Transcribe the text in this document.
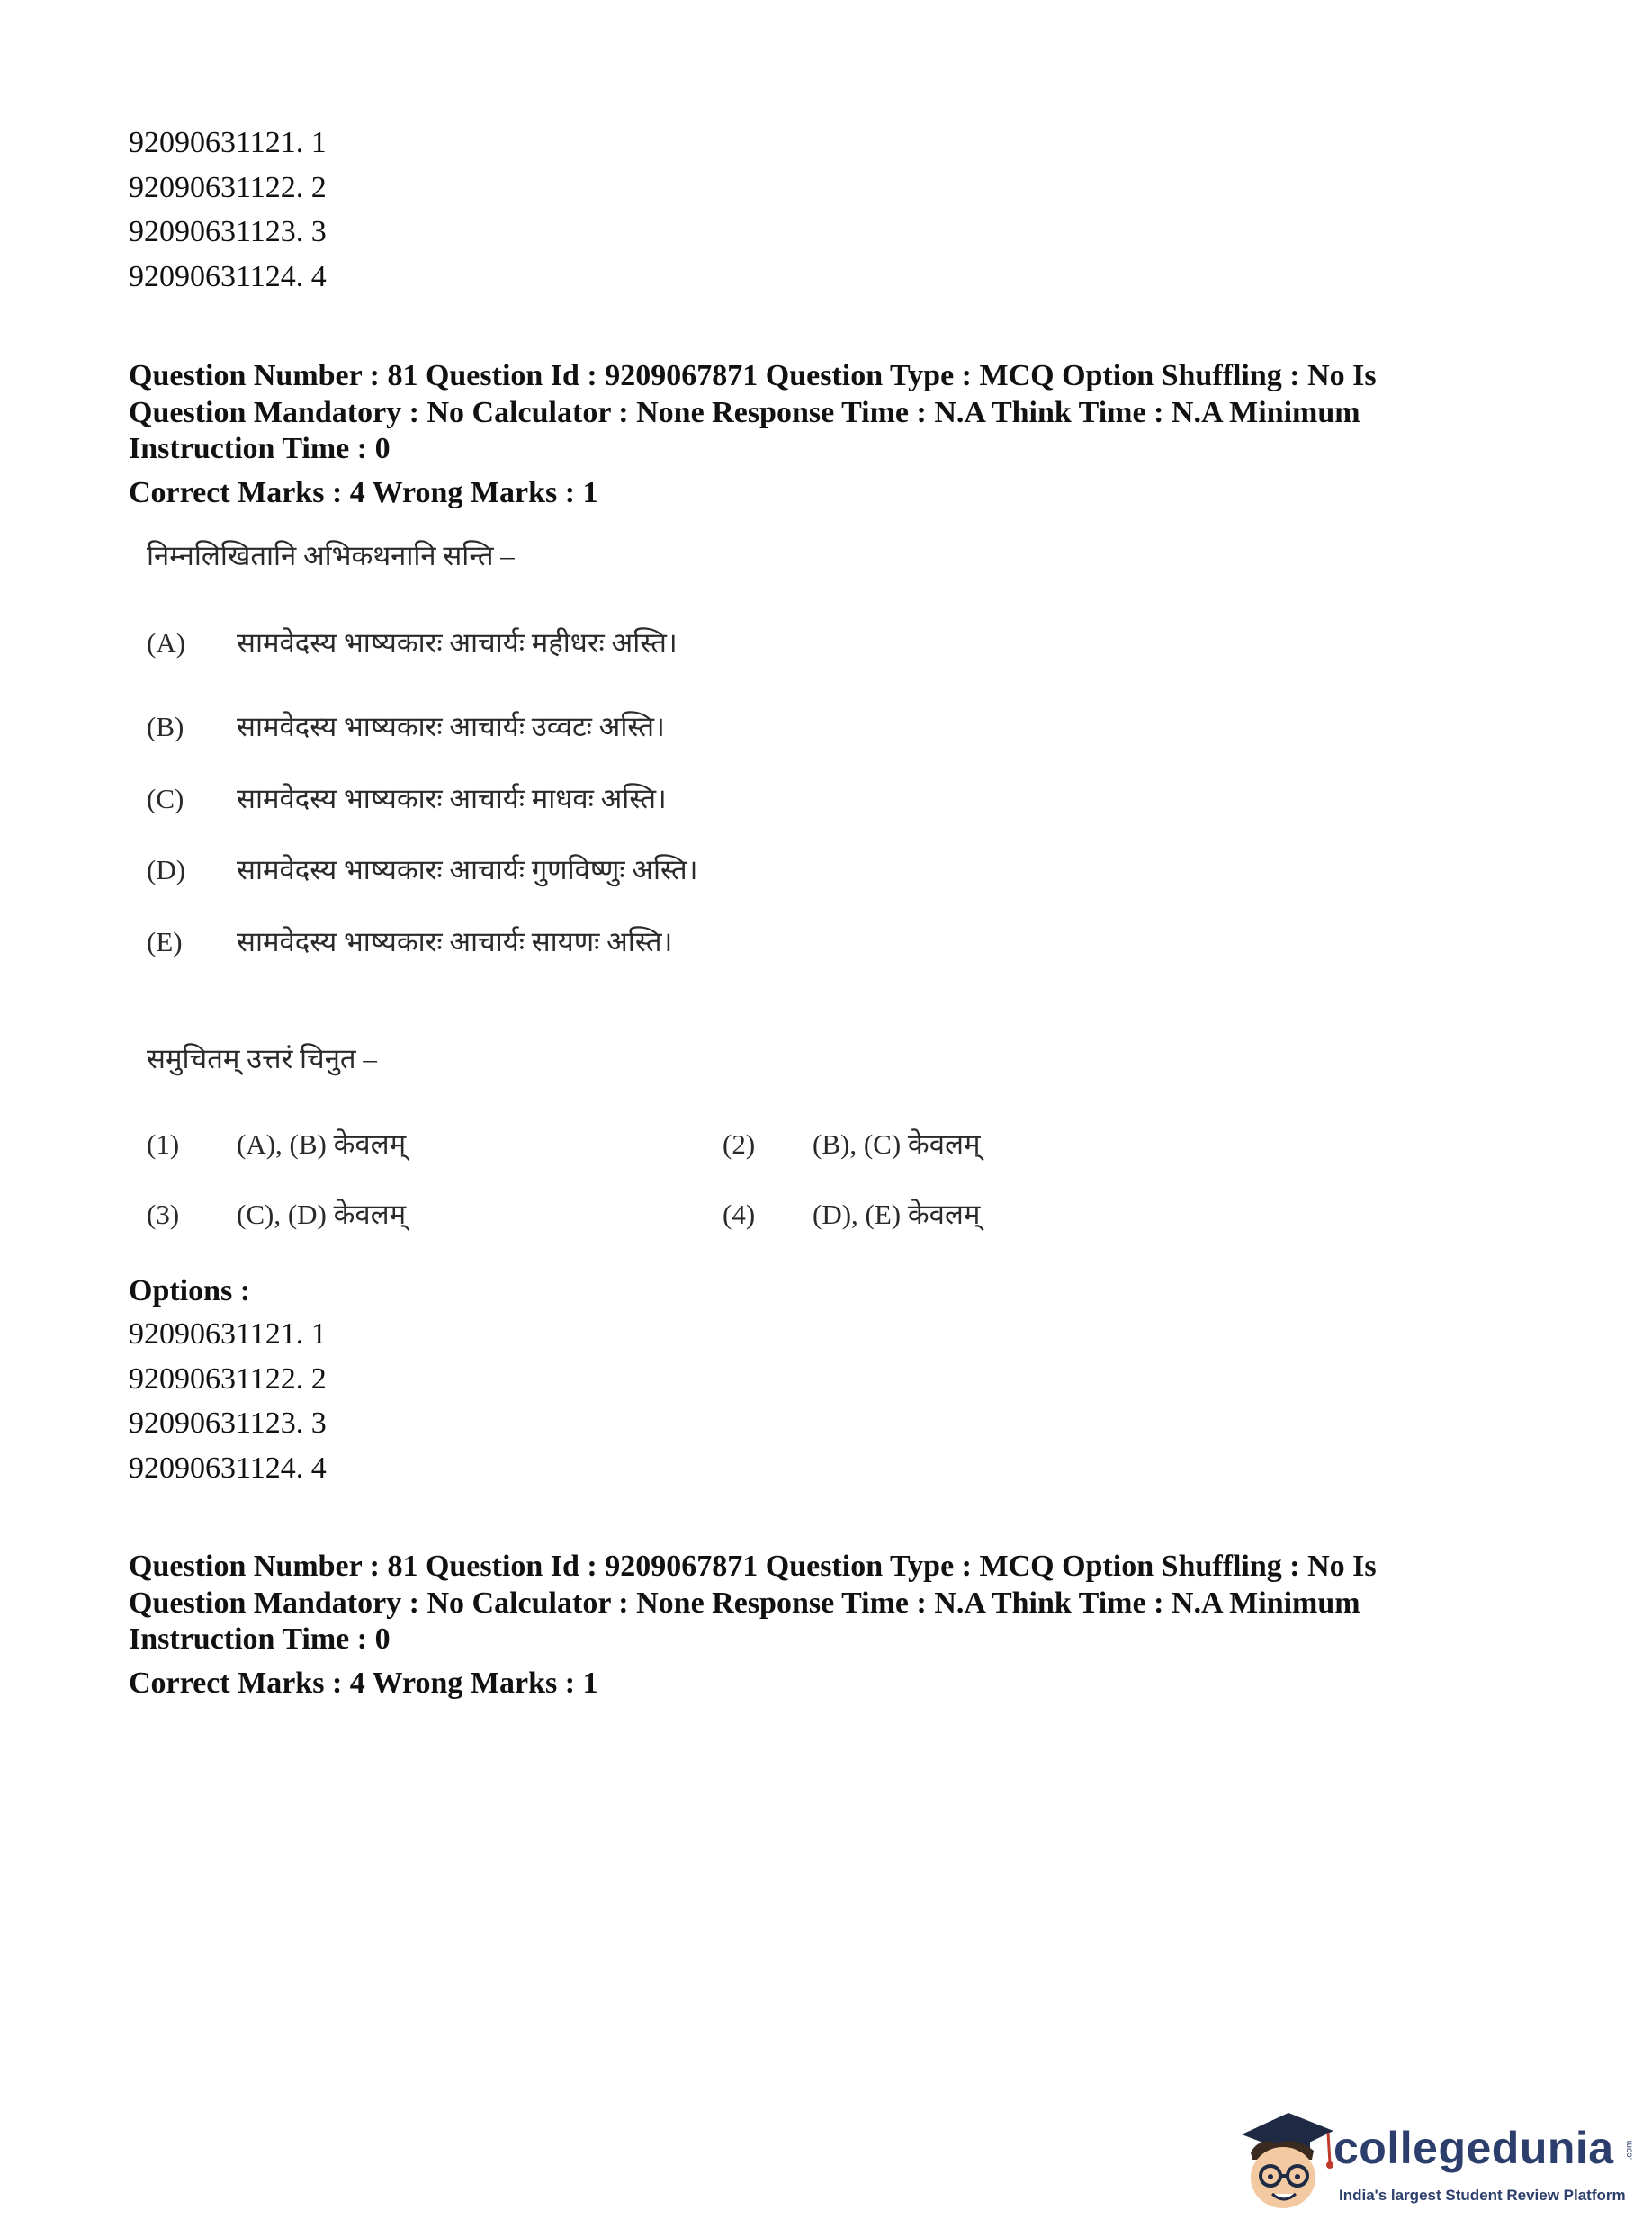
92090631121. 1
92090631122. 2
92090631123. 3
92090631124. 4
Question Number : 81 Question Id : 9209067871 Question Type : MCQ Option Shuffling : No Is
Question Mandatory : No Calculator : None Response Time : N.A Think Time : N.A Minimum
Instruction Time : 0
Correct Marks : 4 Wrong Marks : 1
निम्नलिखितानि अभिकथनानि सन्ति –
(A) सामवेदस्य भाष्यकारः आचार्यः महीधरः अस्ति।
(B) सामवेदस्य भाष्यकारः आचार्यः उव्वटः अस्ति।
(C) सामवेदस्य भाष्यकारः आचार्यः माधवः अस्ति।
(D) सामवेदस्य भाष्यकारः आचार्यः गुणविष्णुः अस्ति।
(E) सामवेदस्य भाष्यकारः आचार्यः सायणः अस्ति।
समुचितम् उत्तरं चिनुत –
(1) (A), (B) केवलम्	(2) (B), (C) केवलम्
(3) (C), (D) केवलम्	(4) (D), (E) केवलम्
Options :
92090631121. 1
92090631122. 2
92090631123. 3
92090631124. 4
Question Number : 81 Question Id : 9209067871 Question Type : MCQ Option Shuffling : No Is
Question Mandatory : No Calculator : None Response Time : N.A Think Time : N.A Minimum
Instruction Time : 0
Correct Marks : 4 Wrong Marks : 1
collegedunia .com
India's largest Student Review Platform
